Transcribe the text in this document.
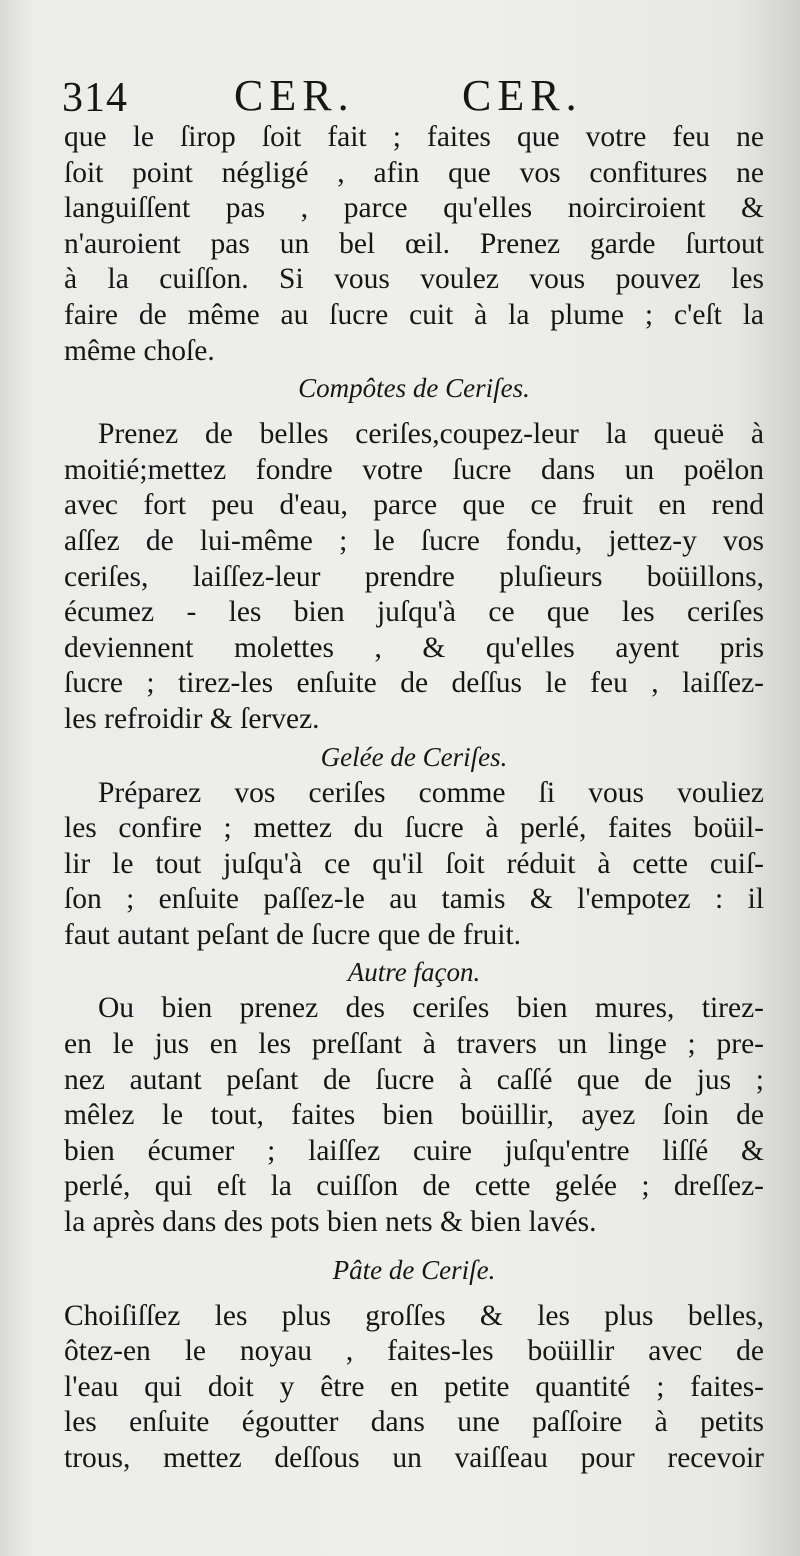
314 CER. CER.
que le ſirop ſoit fait ; faites que votre feu ne
ſoit point négligé , afin que vos confitures ne
languiſſent pas , parce qu'elles noirciroient &
n'auroient pas un bel œil. Prenez garde ſurtout
à la cuiſſon. Si vous voulez vous pouvez les
faire de même au ſucre cuit à la plume ; c'eſt la
même choſe.
Compôtes de Ceriſes.
Prenez de belles ceriſes,coupez-leur la queuë à
moitié;mettez fondre votre ſucre dans un poëlon
avec fort peu d'eau, parce que ce fruit en rend
aſſez de lui-même ; le ſucre fondu, jettez-y vos
ceriſes, laiſſez-leur prendre pluſieurs boüillons,
écumez - les bien juſqu'à ce que les ceriſes
deviennent molettes , & qu'elles ayent pris
ſucre ; tirez-les enſuite de deſſus le feu , laiſſez-
les refroidir & ſervez.
Gelée de Ceriſes.
Préparez vos ceriſes comme ſi vous vouliez
les confire ; mettez du ſucre à perlé, faites boüil-
lir le tout juſqu'à ce qu'il ſoit réduit à cette cuiſ-
ſon ; enſuite paſſez-le au tamis & l'empotez : il
faut autant peſant de ſucre que de fruit.
Autre façon.
Ou bien prenez des ceriſes bien mures, tirez-
en le jus en les preſſant à travers un linge ; pre-
nez autant peſant de ſucre à caſſé que de jus ;
mêlez le tout, faites bien boüillir, ayez ſoin de
bien écumer ; laiſſez cuire juſqu'entre liſſé &
perlé, qui eſt la cuiſſon de cette gelée ; dreſſez-
la après dans des pots bien nets & bien lavés.
Pâte de Ceriſe.
Choiſiſſez les plus groſſes & les plus belles,
ôtez-en le noyau , faites-les boüillir avec de
l'eau qui doit y être en petite quantité ; faites-
les enſuite égoutter dans une paſſoire à petits
trous, mettez deſſous un vaiſſeau pour recevoir
